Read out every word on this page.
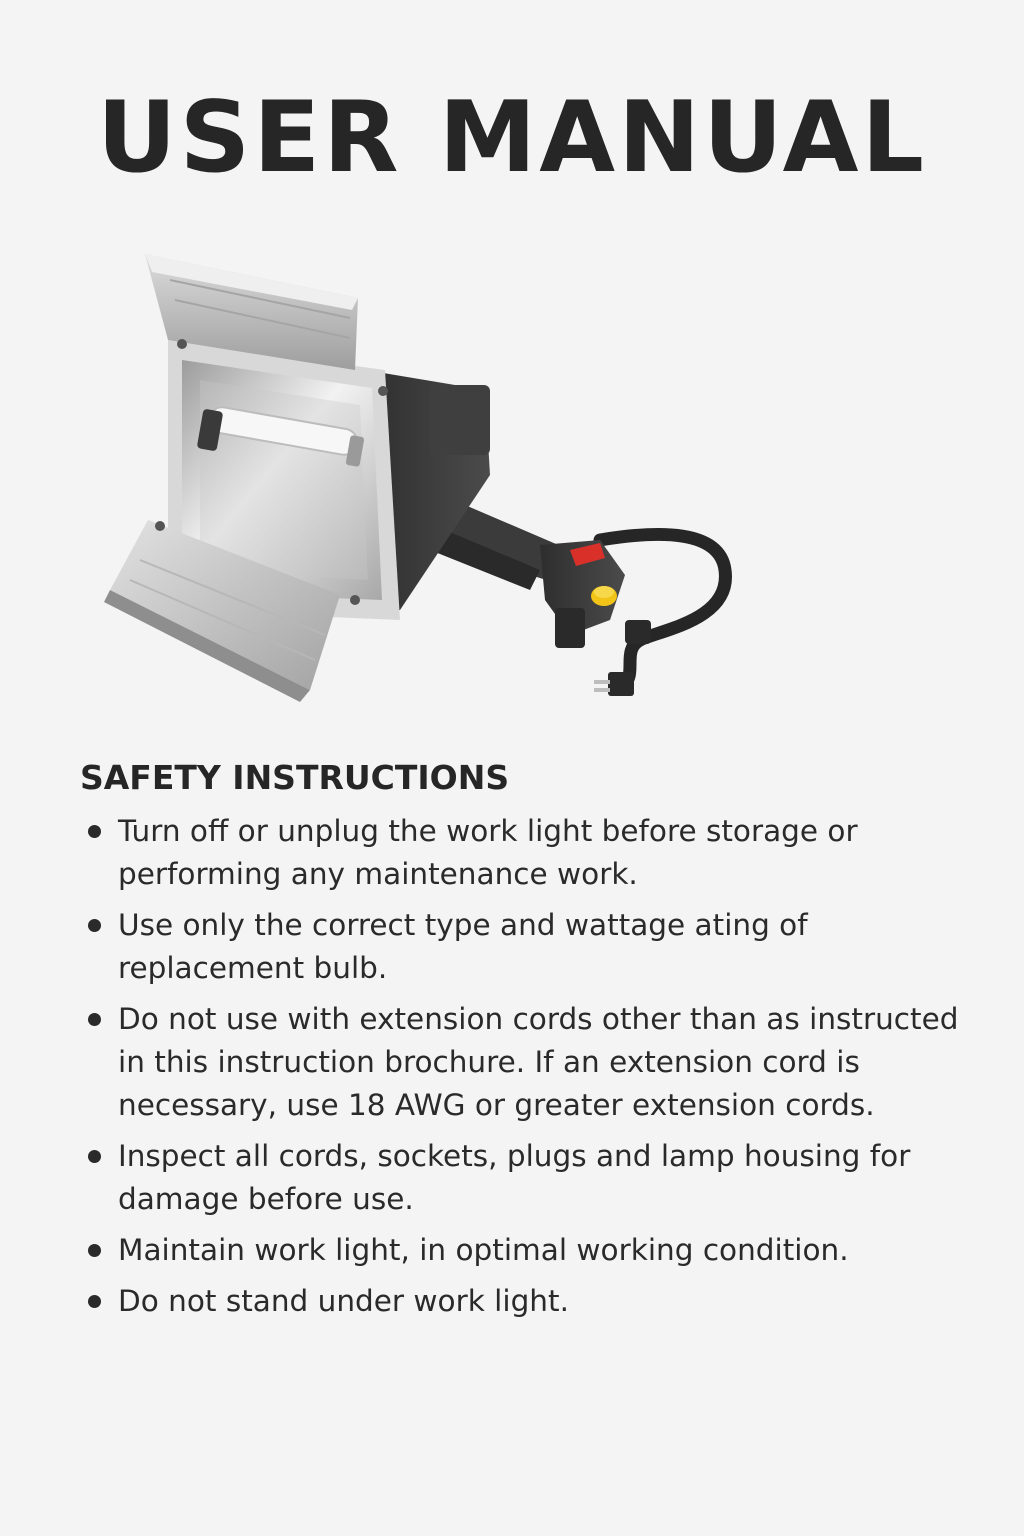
USER MANUAL
SAFETY INSTRUCTIONS
Turn off or unplug the work light before storage or performing any maintenance work.
Use only the correct type and wattage ating of replacement bulb.
Do not use with extension cords other than as instructed in this instruction brochure. If an extension cord is necessary, use 18 AWG or greater extension cords.
Inspect all cords, sockets, plugs and lamp housing for damage before use.
Maintain work light, in optimal working condition.
Do not stand under work light.
